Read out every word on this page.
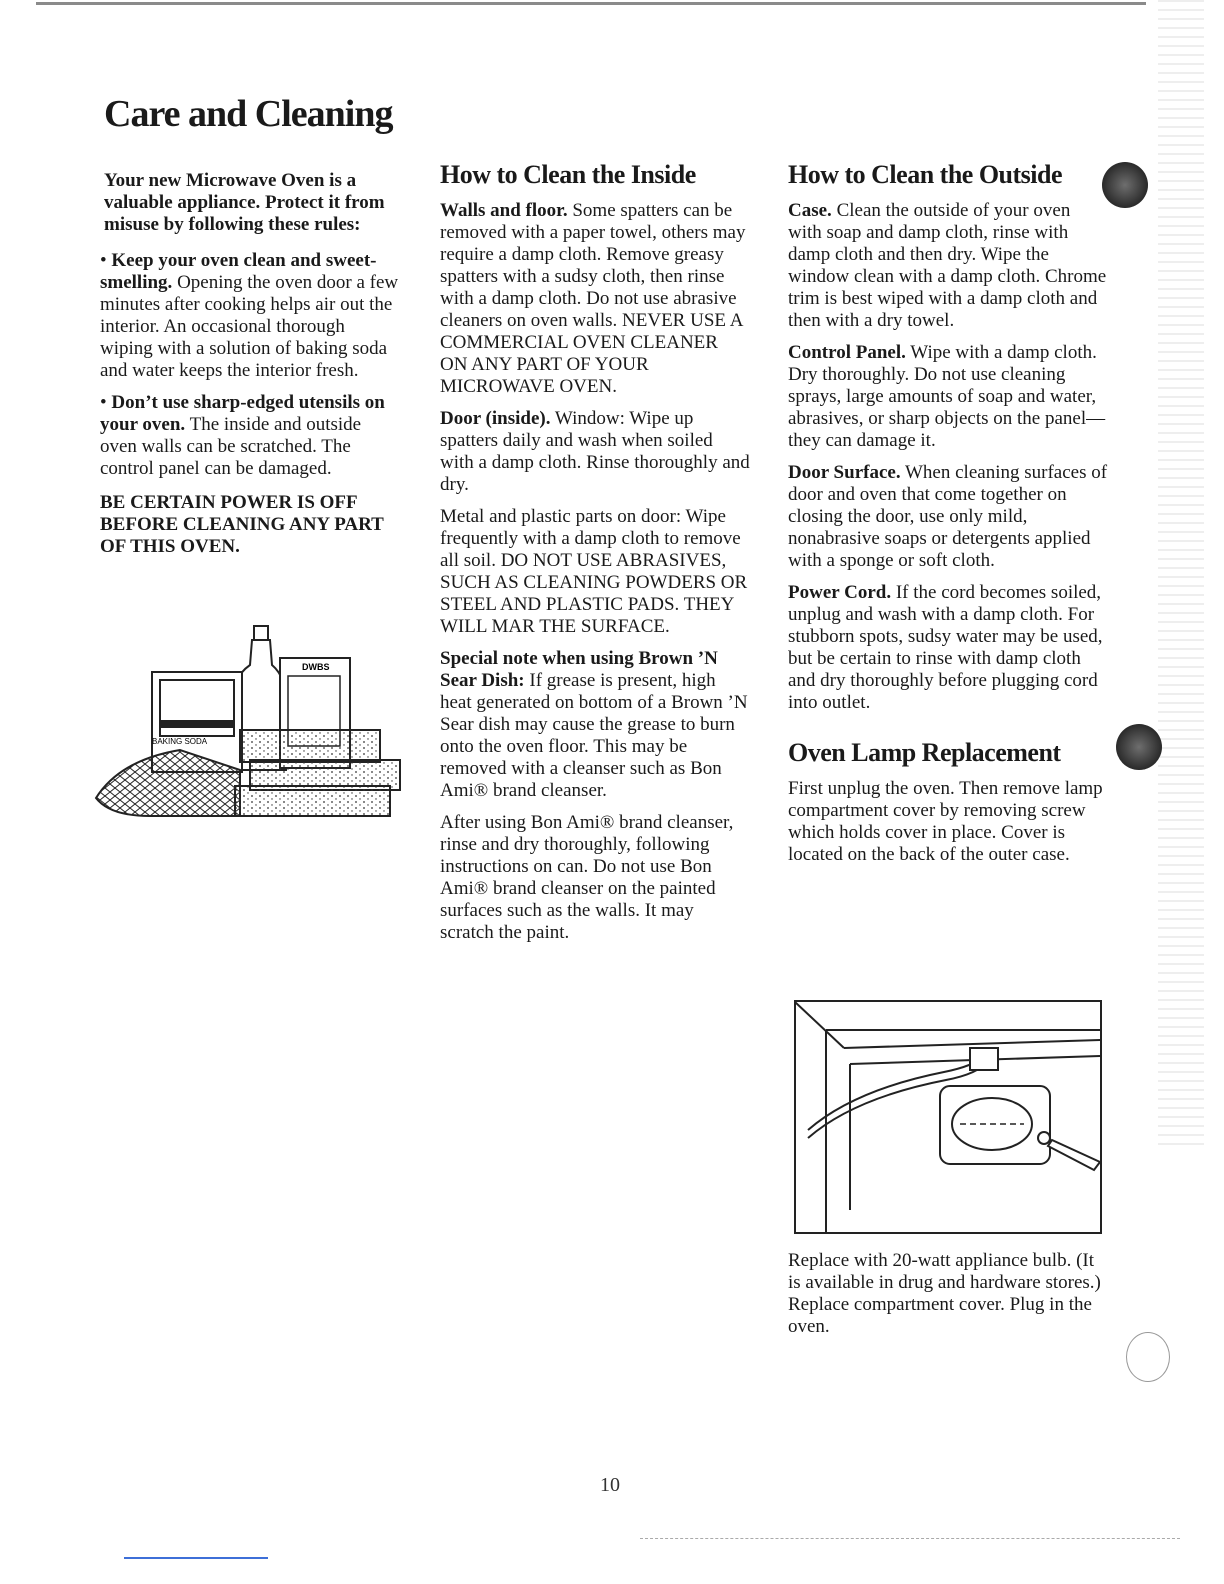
Care and Cleaning

Your new Microwave Oven is a valuable appliance. Protect it from misuse by following these rules:

• Keep your oven clean and sweet-smelling. Opening the oven door a few minutes after cooking helps air out the interior. An occasional thorough wiping with a solution of baking soda and water keeps the interior fresh.

• Don’t use sharp-edged utensils on your oven. The inside and outside oven walls can be scratched. The control panel can be damaged.

BE CERTAIN POWER IS OFF BEFORE CLEANING ANY PART OF THIS OVEN.

DWBS
BAKING SODA
How to Clean the Inside

Walls and floor. Some spatters can be removed with a paper towel, others may require a damp cloth. Remove greasy spatters with a sudsy cloth, then rinse with a damp cloth. Do not use abrasive cleaners on oven walls. NEVER USE A COMMERCIAL OVEN CLEANER ON ANY PART OF YOUR MICROWAVE OVEN.

Door (inside). Window: Wipe up spatters daily and wash when soiled with a damp cloth. Rinse thoroughly and dry.

Metal and plastic parts on door: Wipe frequently with a damp cloth to remove all soil. DO NOT USE ABRASIVES, SUCH AS CLEANING POWDERS OR STEEL AND PLASTIC PADS. THEY WILL MAR THE SURFACE.

Special note when using Brown ’N Sear Dish: If grease is present, high heat generated on bottom of a Brown ’N Sear dish may cause the grease to burn onto the oven floor. This may be removed with a cleanser such as Bon Ami® brand cleanser.

After using Bon Ami® brand cleanser, rinse and dry thoroughly, following instructions on can. Do not use Bon Ami® brand cleanser on the painted surfaces such as the walls. It may scratch the paint.

How to Clean the Outside

Case. Clean the outside of your oven with soap and damp cloth, rinse with damp cloth and then dry. Wipe the window clean with a damp cloth. Chrome trim is best wiped with a damp cloth and then with a dry towel.

Control Panel. Wipe with a damp cloth. Dry thoroughly. Do not use cleaning sprays, large amounts of soap and water, abrasives, or sharp objects on the panel—they can damage it.

Door Surface. When cleaning surfaces of door and oven that come together on closing the door, use only mild, nonabrasive soaps or detergents applied with a sponge or soft cloth.

Power Cord. If the cord becomes soiled, unplug and wash with a damp cloth. For stubborn spots, sudsy water may be used, but be certain to rinse with damp cloth and dry thoroughly before plugging cord into outlet.

Oven Lamp Replacement

First unplug the oven. Then remove lamp compartment cover by removing screw which holds cover in place. Cover is located on the back of the outer case.

Replace with 20-watt appliance bulb. (It is available in drug and hardware stores.) Replace compartment cover. Plug in the oven.

10
